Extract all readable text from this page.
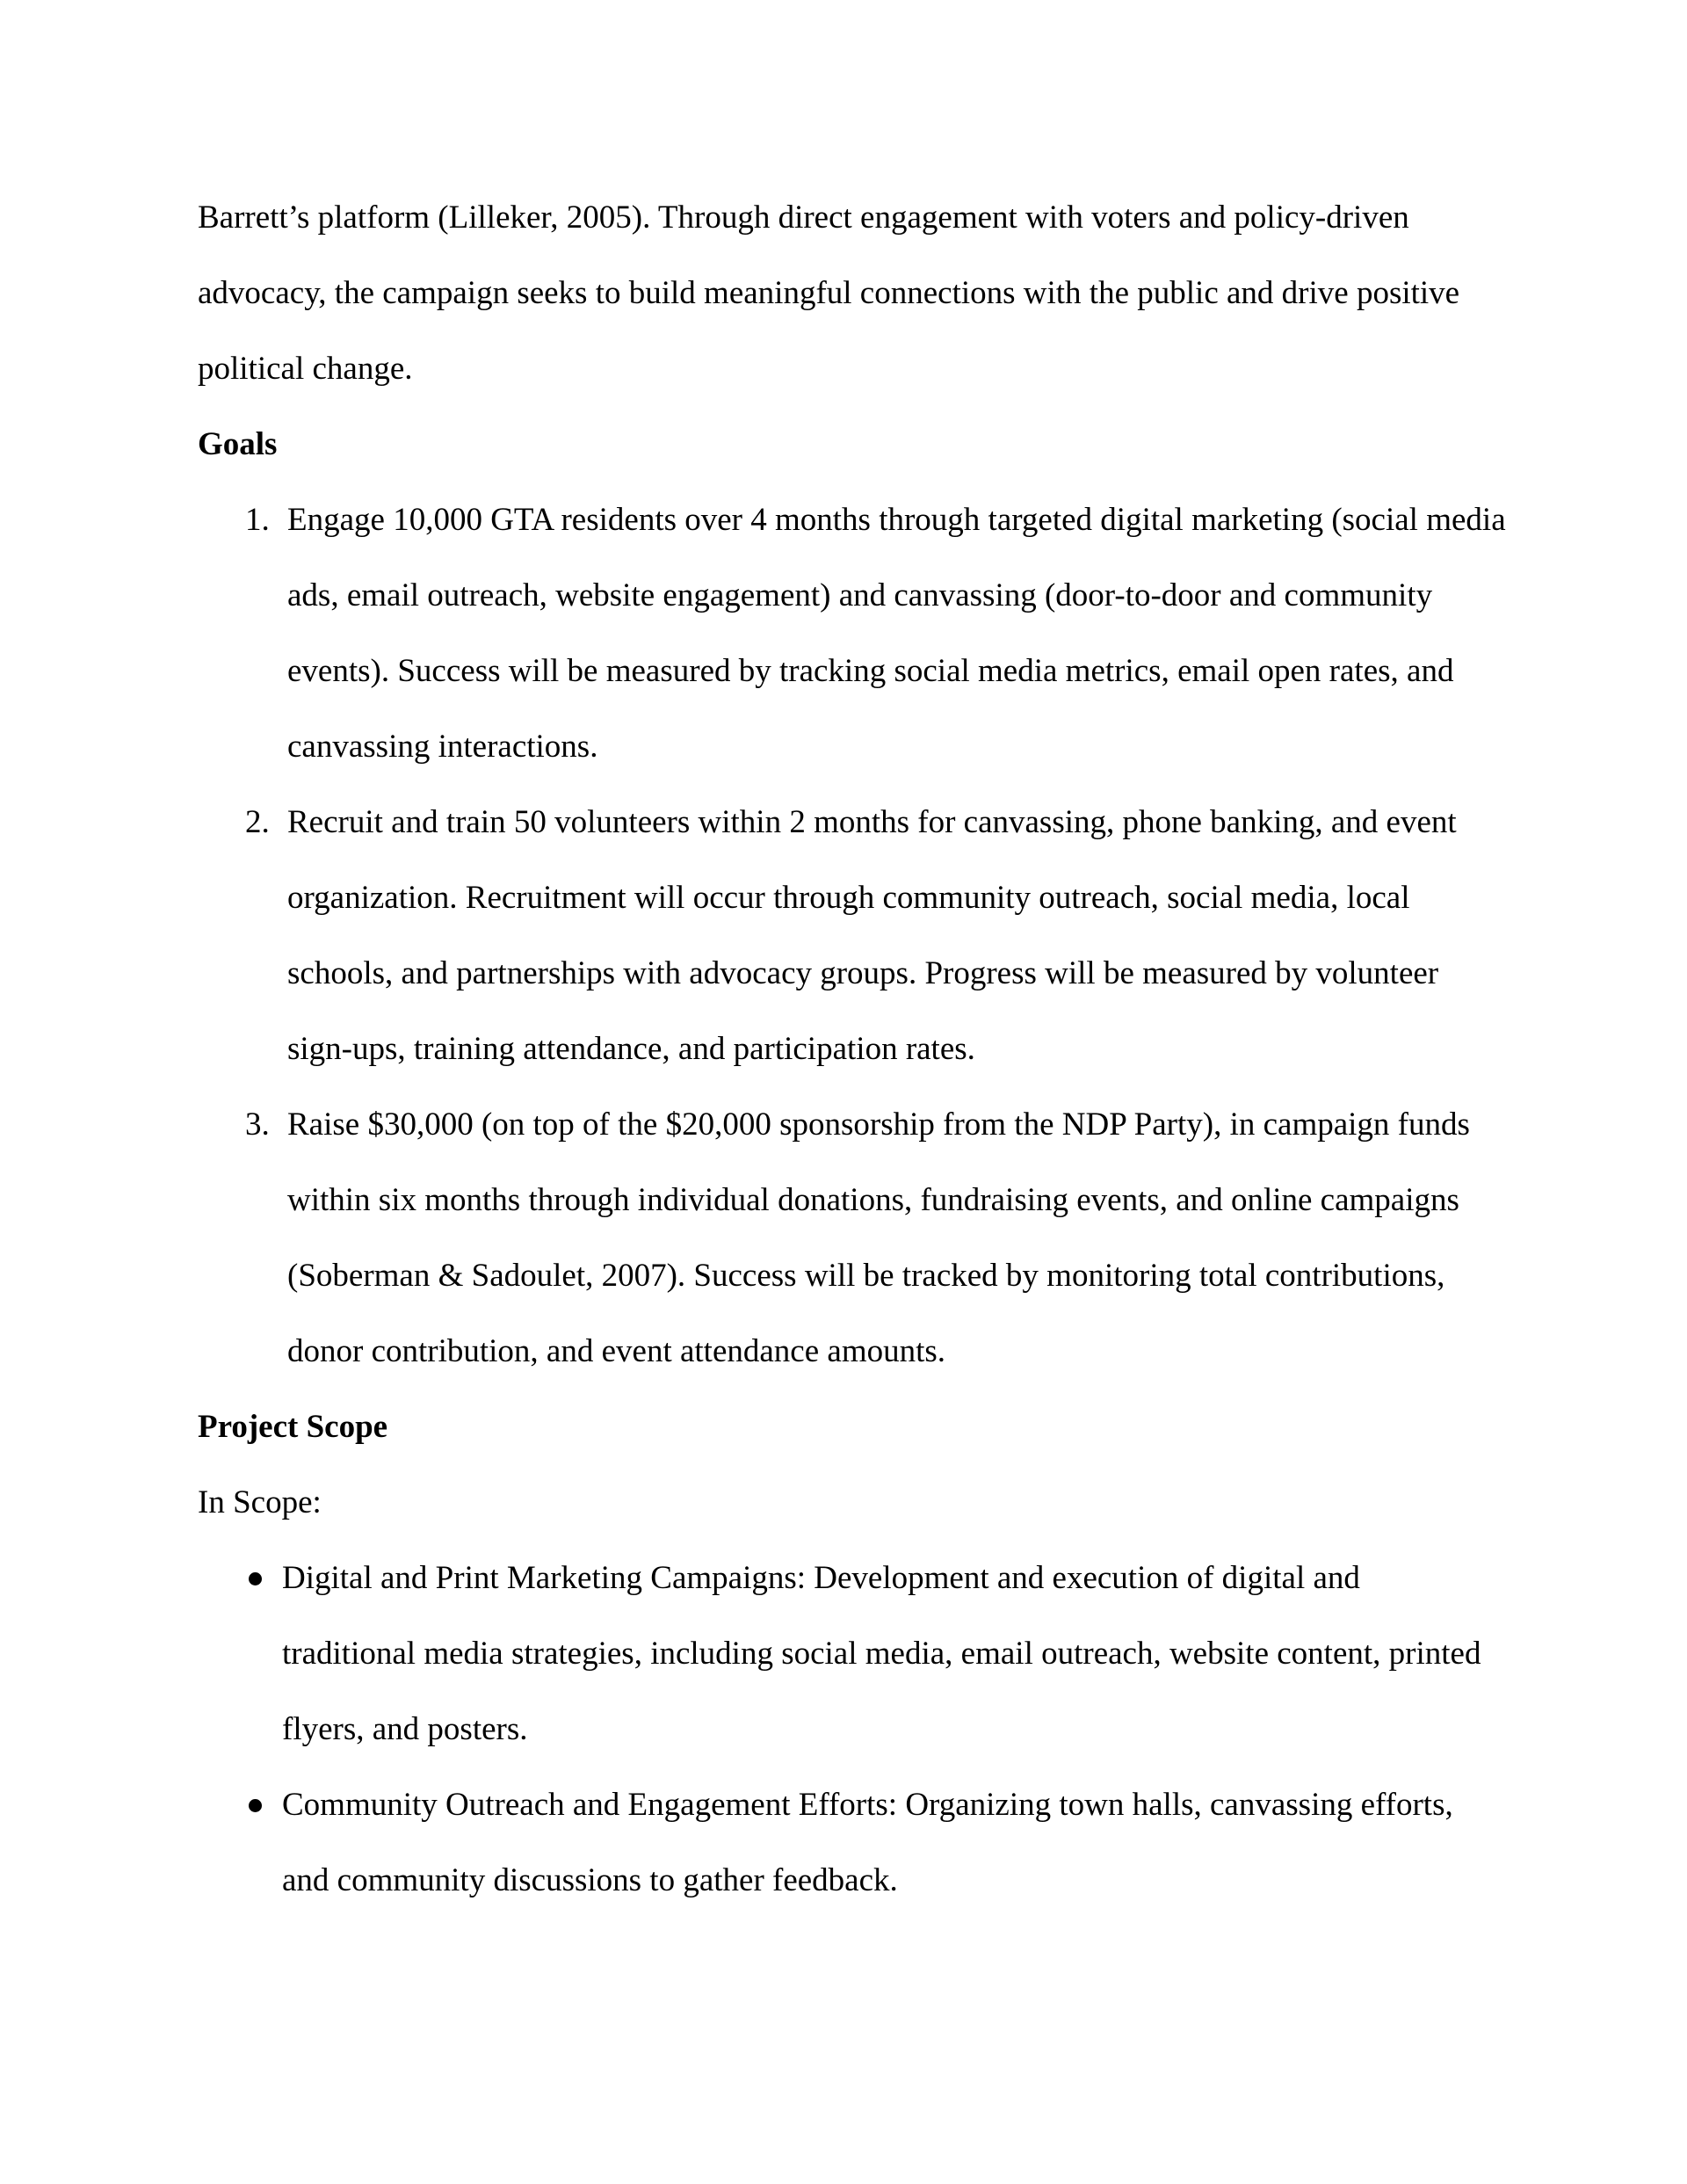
Barrett’s platform (Lilleker, 2005). Through direct engagement with voters and policy-driven advocacy, the campaign seeks to build meaningful connections with the public and drive positive political change.

Goals

1. Engage 10,000 GTA residents over 4 months through targeted digital marketing (social media ads, email outreach, website engagement) and canvassing (door-to-door and community events). Success will be measured by tracking social media metrics, email open rates, and canvassing interactions.
2. Recruit and train 50 volunteers within 2 months for canvassing, phone banking, and event organization. Recruitment will occur through community outreach, social media, local schools, and partnerships with advocacy groups. Progress will be measured by volunteer sign-ups, training attendance, and participation rates.
3. Raise $30,000 (on top of the $20,000 sponsorship from the NDP Party), in campaign funds within six months through individual donations, fundraising events, and online campaigns (Soberman & Sadoulet, 2007). Success will be tracked by monitoring total contributions, donor contribution, and event attendance amounts.

Project Scope

In Scope:

Digital and Print Marketing Campaigns: Development and execution of digital and traditional media strategies, including social media, email outreach, website content, printed flyers, and posters.
Community Outreach and Engagement Efforts: Organizing town halls, canvassing efforts, and community discussions to gather feedback.
